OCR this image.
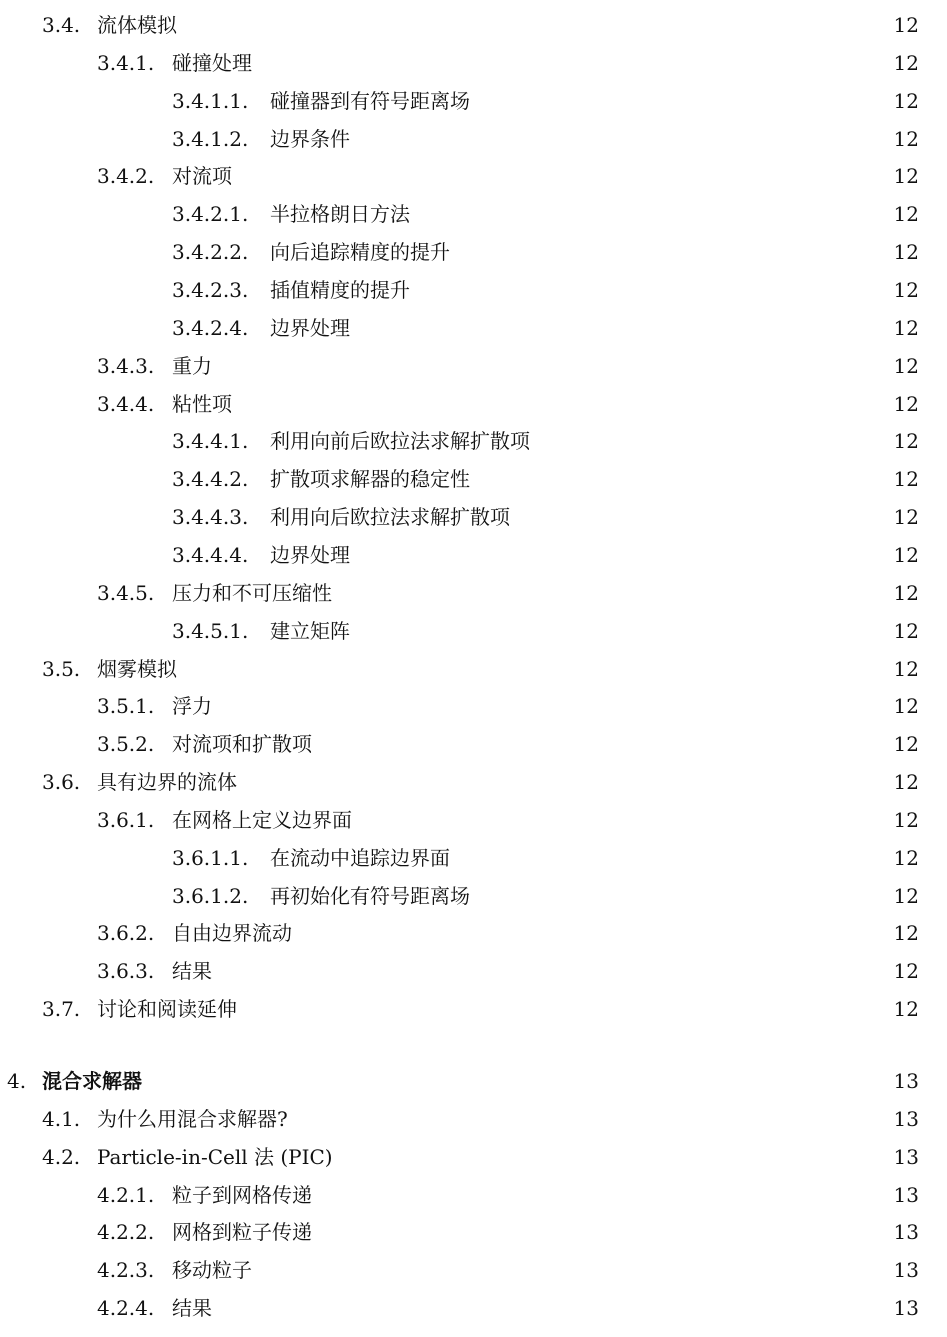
3.4. 流体模拟	12
3.4.1. 碰撞处理	12
3.4.1.1. 碰撞器到有符号距离场	12
3.4.1.2. 边界条件	12
3.4.2. 对流项	12
3.4.2.1. 半拉格朗日方法	12
3.4.2.2. 向后追踪精度的提升	12
3.4.2.3. 插值精度的提升	12
3.4.2.4. 边界处理	12
3.4.3. 重力	12
3.4.4. 粘性项	12
3.4.4.1. 利用向前后欧拉法求解扩散项	12
3.4.4.2. 扩散项求解器的稳定性	12
3.4.4.3. 利用向后欧拉法求解扩散项	12
3.4.4.4. 边界处理	12
3.4.5. 压力和不可压缩性	12
3.4.5.1. 建立矩阵	12
3.5. 烟雾模拟	12
3.5.1. 浮力	12
3.5.2. 对流项和扩散项	12
3.6. 具有边界的流体	12
3.6.1. 在网格上定义边界面	12
3.6.1.1. 在流动中追踪边界面	12
3.6.1.2. 再初始化有符号距离场	12
3.6.2. 自由边界流动	12
3.6.3. 结果	12
3.7. 讨论和阅读延伸	12
4. 混合求解器	13
4.1. 为什么用混合求解器?	13
4.2. Particle-in-Cell 法 (PIC)	13
4.2.1. 粒子到网格传递	13
4.2.2. 网格到粒子传递	13
4.2.3. 移动粒子	13
4.2.4. 结果	13
